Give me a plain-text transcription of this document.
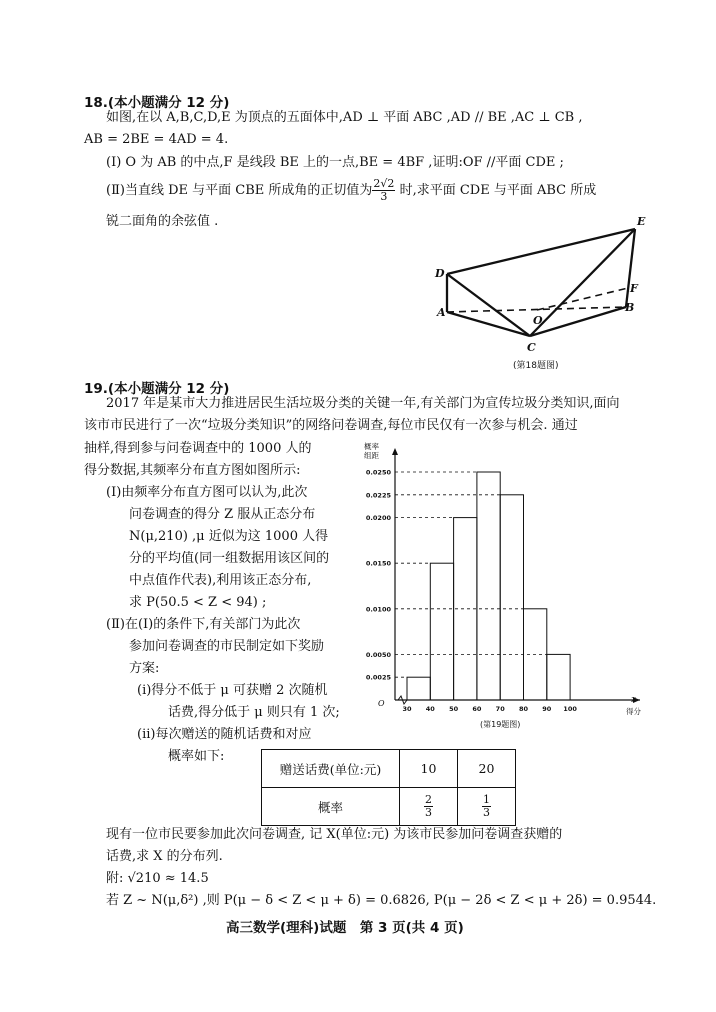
18.(本小题满分 12 分)
如图,在以 A,B,C,D,E 为顶点的五面体中,AD ⊥ 平面 ABC ,AD // BE ,AC ⊥ CB ,
AB = 2BE = 4AD = 4.
(Ⅰ) O 为 AB 的中点,F 是线段 BE 上的一点,BE = 4BF ,证明:OF //平面 CDE ;
(Ⅱ)当直线 DE 与平面 CBE 所成角的正切值为 $\frac{2√2}{3}$ 时,求平面 CDE 与平面 ABC 所成
锐二面角的余弦值 .
D
E
F
B
A
O
C
(第18题图)
19.(本小题满分 12 分)
2017 年是某市大力推进居民生活垃圾分类的关键一年,有关部门为宣传垃圾分类知识,面向
该市市民进行了一次“垃圾分类知识”的网络问卷调查,每位市民仅有一次参与机会. 通过
抽样,得到参与问卷调查中的 1000 人的
得分数据,其频率分布直方图如图所示:
(Ⅰ)由频率分布直方图可以认为,此次
问卷调查的得分 Z 服从正态分布
N(μ,210) ,μ 近似为这 1000 人得
分的平均值(同一组数据用该区间的
中点值作代表),利用该正态分布,
求 P(50.5 < Z < 94) ;
(Ⅱ)在(Ⅰ)的条件下,有关部门为此次
参加问卷调查的市民制定如下奖励
方案:
(ⅰ)得分不低于 μ 可获赠 2 次随机
话费,得分低于 μ 则只有 1 次;
(ⅱ)每次赠送的随机话费和对应
概率如下:
0.0025
0.0050
0.0100
0.0150
0.0200
0.0225
0.0250
30 40 50 60 70 80 90 100
概率
组距
z
得分
O
(第19题图)
赠送话费(单位:元)	10	20
概率	$\frac{2}{3}$	$\frac{1}{3}$
现有一位市民要参加此次问卷调查, 记 X(单位:元) 为该市民参加问卷调查获赠的
话费,求 X 的分布列.
附: √210 ≈ 14.5
若 Z ~ N(μ,δ²) ,则 P(μ − δ < Z < μ + δ) = 0.6826, P(μ − 2δ < Z < μ + 2δ) = 0.9544.
高三数学(理科)试题　第 3 页(共 4 页)
